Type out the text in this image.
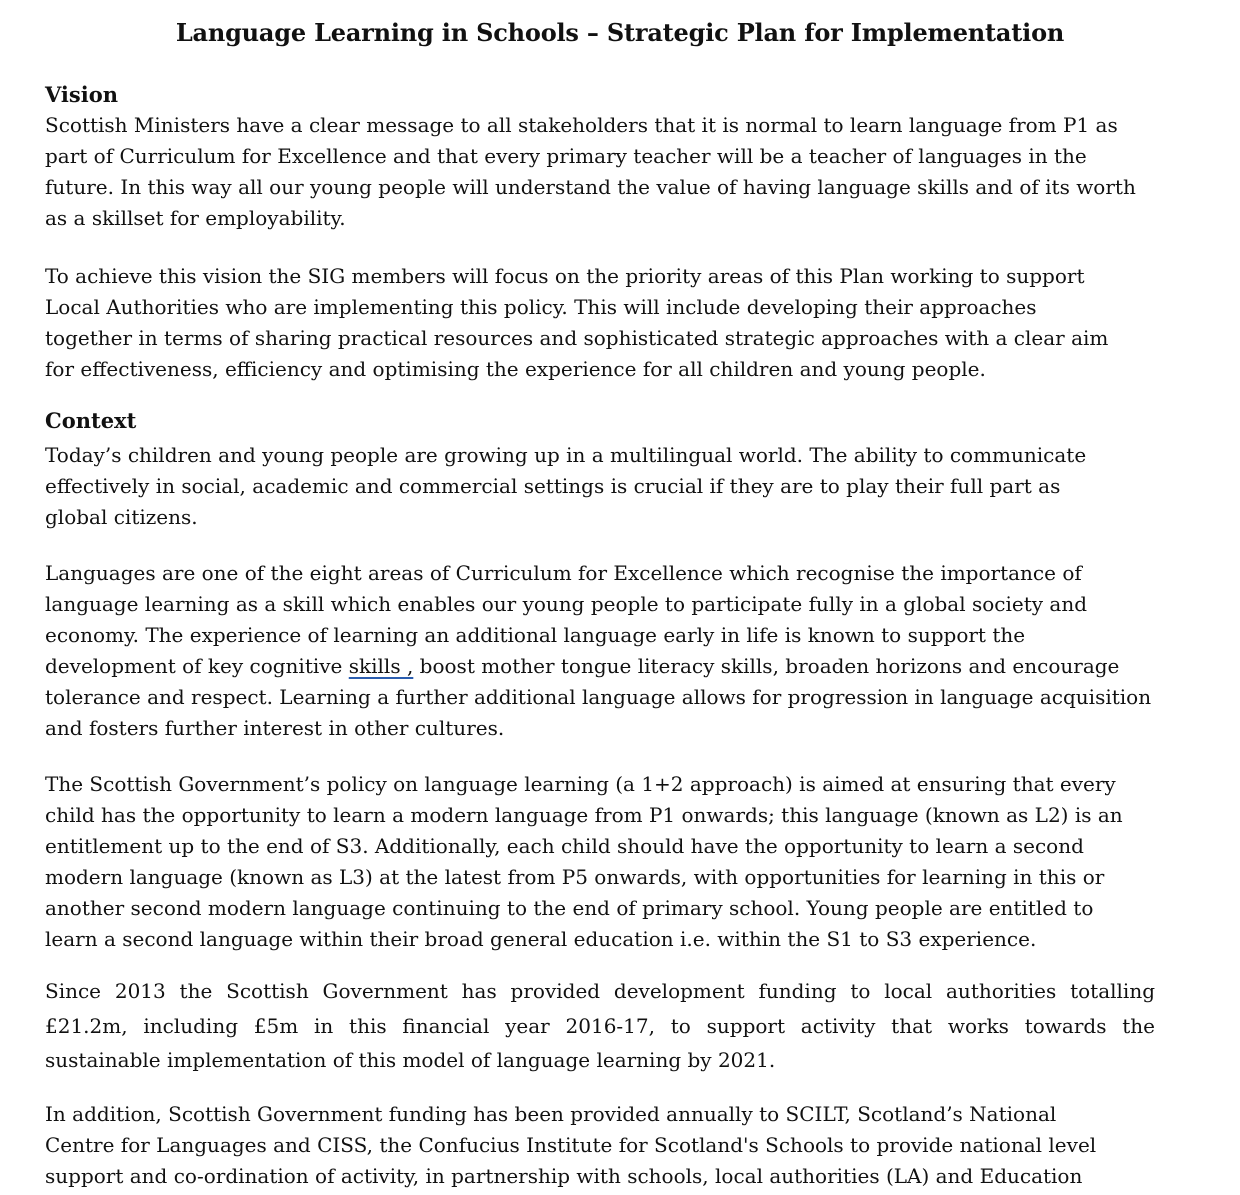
Language Learning in Schools – Strategic Plan for Implementation
Vision

Scottish Ministers have a clear message to all stakeholders that it is normal to learn language from P1 as
part of Curriculum for Excellence and that every primary teacher will be a teacher of languages in the
future. In this way all our young people will understand the value of having language skills and of its worth
as a skillset for employability.

To achieve this vision the SIG members will focus on the priority areas of this Plan working to support
Local Authorities who are implementing this policy. This will include developing their approaches
together in terms of sharing practical resources and sophisticated strategic approaches with a clear aim
for effectiveness, efficiency and optimising the experience for all children and young people.

Context

Today’s children and young people are growing up in a multilingual world. The ability to communicate
effectively in social, academic and commercial settings is crucial if they are to play their full part as
global citizens.

Languages are one of the eight areas of Curriculum for Excellence which recognise the importance of
language learning as a skill which enables our young people to participate fully in a global society and
economy. The experience of learning an additional language early in life is known to support the
development of key cognitive skills , boost mother tongue literacy skills, broaden horizons and encourage
tolerance and respect. Learning a further additional language allows for progression in language acquisition
and fosters further interest in other cultures.

The Scottish Government’s policy on language learning (a 1+2 approach) is aimed at ensuring that every
child has the opportunity to learn a modern language from P1 onwards; this language (known as L2) is an
entitlement up to the end of S3. Additionally, each child should have the opportunity to learn a second
modern language (known as L3) at the latest from P5 onwards, with opportunities for learning in this or
another second modern language continuing to the end of primary school. Young people are entitled to
learn a second language within their broad general education i.e. within the S1 to S3 experience.

Since 2013 the Scottish Government has provided development funding to local authorities totalling
£21.2m, including £5m in this financial year 2016-17, to support activity that works towards the
sustainable implementation of this model of language learning by 2021.

In addition, Scottish Government funding has been provided annually to SCILT, Scotland’s National
Centre for Languages and CISS, the Confucius Institute for Scotland's Schools to provide national level
support and co-ordination of activity, in partnership with schools, local authorities (LA) and Education
